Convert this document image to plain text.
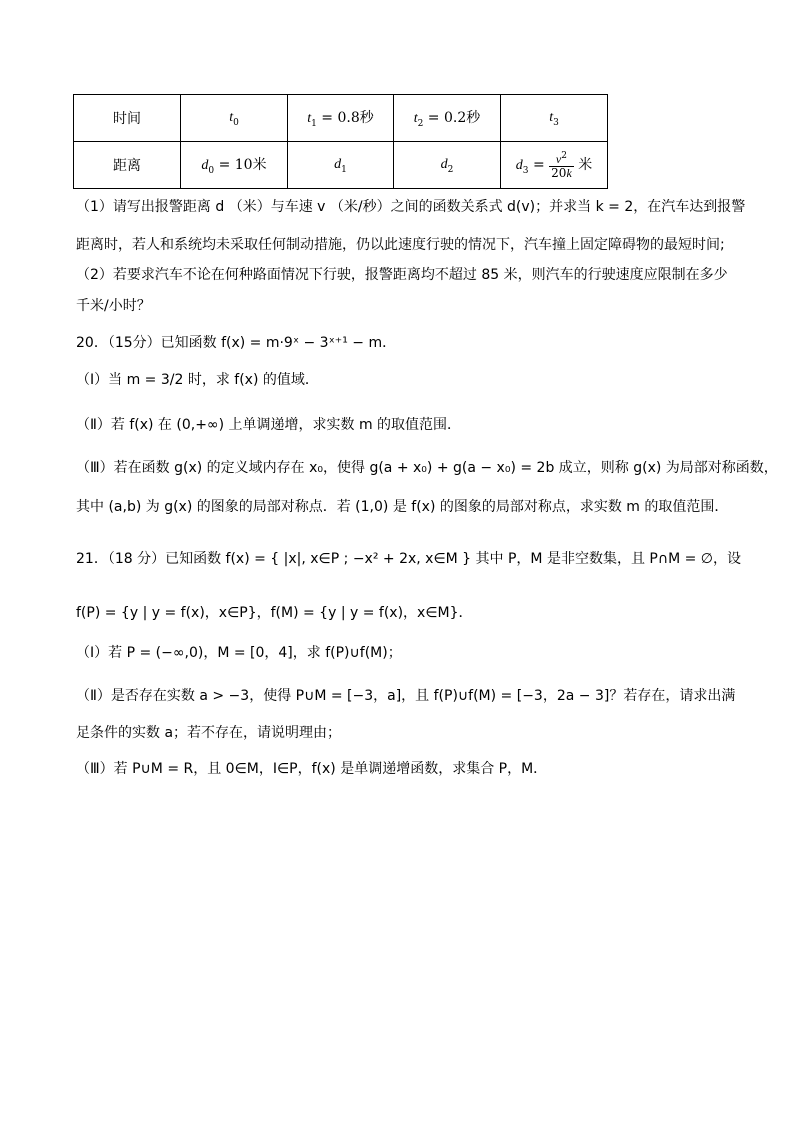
时间	$t_0$	$t_1 = 0.8$秒	$t_2 = 0.2$秒	$t_3$
距离	$d_0 = 10$米	$d_1$	$d_2$	$d_3 = \frac{v^2}{20k}$ 米
（1）请写出报警距离 d （米）与车速 v （米/秒）之间的函数关系式 d(v)；并求当 k = 2，在汽车达到报警
距离时，若人和系统均未采取任何制动措施，仍以此速度行驶的情况下，汽车撞上固定障碍物的最短时间;
（2）若要求汽车不论在何种路面情况下行驶，报警距离均不超过 85 米，则汽车的行驶速度应限制在多少
千米/小时？
20．（15分）已知函数 f(x) = m·9ˣ − 3ˣ⁺¹ − m．
（Ⅰ）当 m = 3/2 时，求 f(x) 的值域．
（Ⅱ）若 f(x) 在 (0,+∞) 上单调递增，求实数 m 的取值范围．
（Ⅲ）若在函数 g(x) 的定义域内存在 x₀，使得 g(a + x₀) + g(a − x₀) = 2b 成立，则称 g(x) 为局部对称函数，
其中 (a,b) 为 g(x) 的图象的局部对称点．若 (1,0) 是 f(x) 的图象的局部对称点，求实数 m 的取值范围．
21．（18 分）已知函数 f(x) = { |x|, x∈P ; −x² + 2x, x∈M } 其中 P，M 是非空数集，且 P∩M = ∅，设
f(P) = {y | y = f(x)，x∈P}，f(M) = {y | y = f(x)，x∈M}．
（Ⅰ）若 P = (−∞,0)，M = [0，4]，求 f(P)∪f(M)；
（Ⅱ）是否存在实数 a > −3，使得 P∪M = [−3，a]，且 f(P)∪f(M) = [−3，2a − 3]？若存在，请求出满
足条件的实数 a；若不存在，请说明理由；
（Ⅲ）若 P∪M = R，且 0∈M，I∈P，f(x) 是单调递增函数，求集合 P，M．
